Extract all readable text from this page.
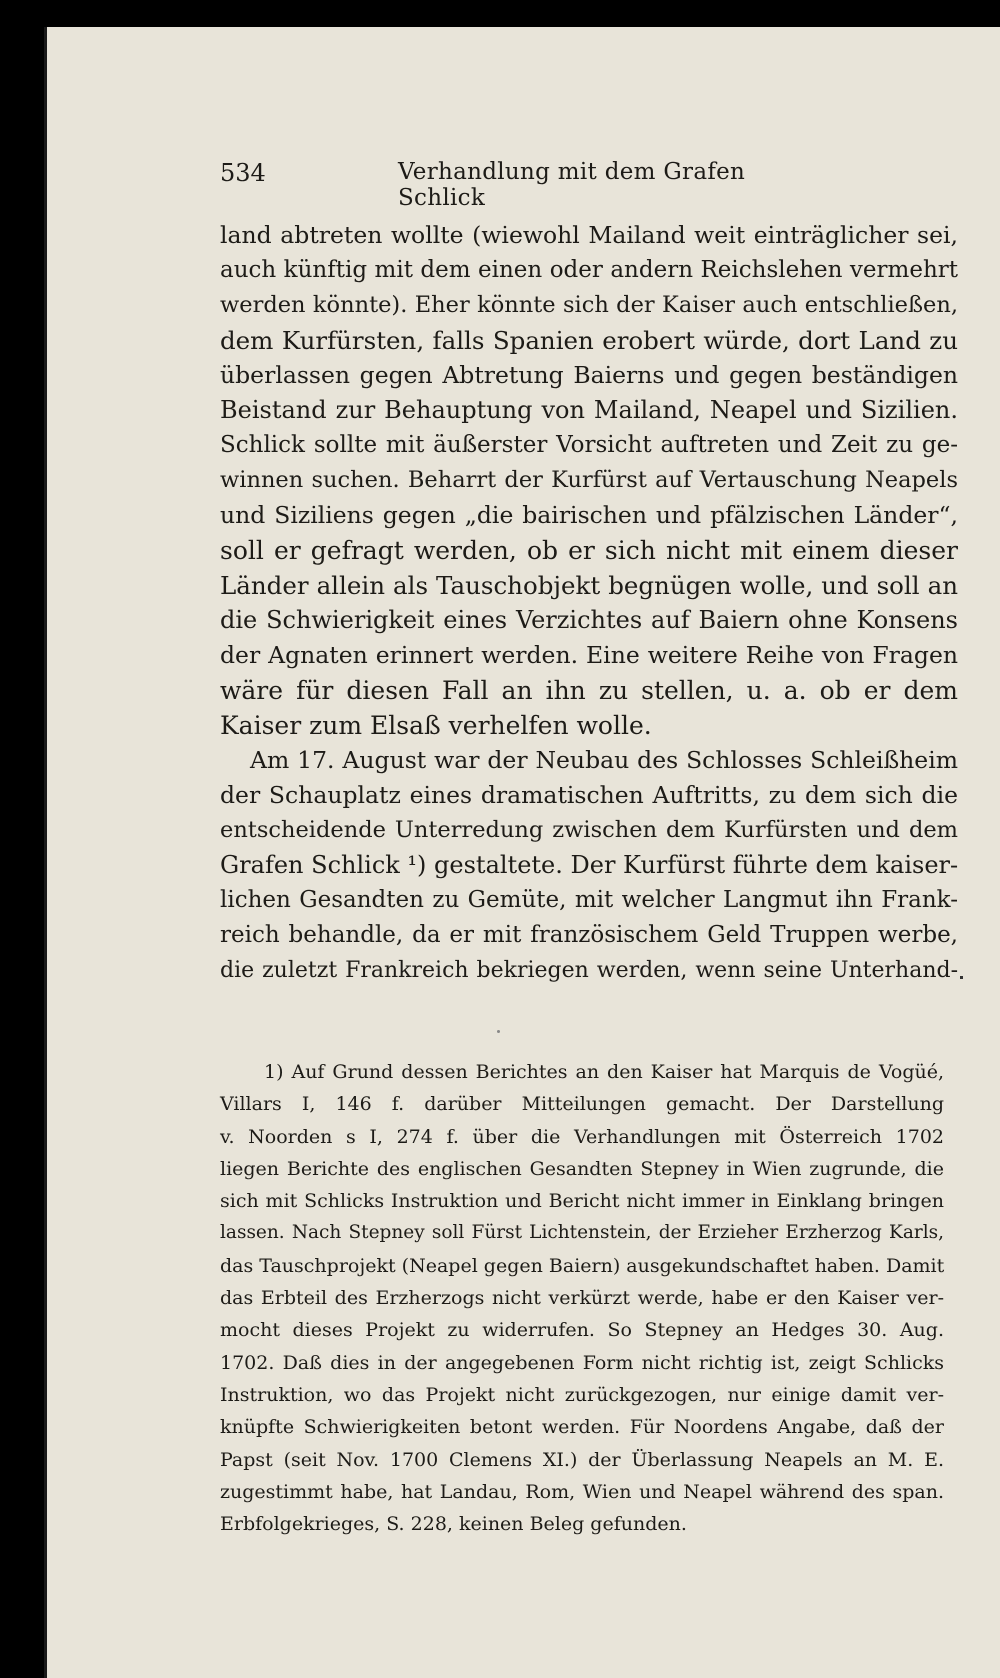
534	Verhandlung mit dem Grafen Schlick
land abtreten wollte (wiewohl Mailand weit einträglicher sei,
auch künftig mit dem einen oder andern Reichslehen vermehrt
werden könnte). Eher könnte sich der Kaiser auch entschließen,
dem Kurfürsten, falls Spanien erobert würde, dort Land zu
überlassen gegen Abtretung Baierns und gegen beständigen
Beistand zur Behauptung von Mailand, Neapel und Sizilien.
Schlick sollte mit äußerster Vorsicht auftreten und Zeit zu ge-
winnen suchen. Beharrt der Kurfürst auf Vertauschung Neapels
und Siziliens gegen „die bairischen und pfälzischen Länder“,
soll er gefragt werden, ob er sich nicht mit einem dieser
Länder allein als Tauschobjekt begnügen wolle, und soll an
die Schwierigkeit eines Verzichtes auf Baiern ohne Konsens
der Agnaten erinnert werden. Eine weitere Reihe von Fragen
wäre für diesen Fall an ihn zu stellen, u. a. ob er dem
Kaiser zum Elsaß verhelfen wolle.
Am 17. August war der Neubau des Schlosses Schleißheim
der Schauplatz eines dramatischen Auftritts, zu dem sich die
entscheidende Unterredung zwischen dem Kurfürsten und dem
Grafen Schlick ¹) gestaltete. Der Kurfürst führte dem kaiser-
lichen Gesandten zu Gemüte, mit welcher Langmut ihn Frank-
reich behandle, da er mit französischem Geld Truppen werbe,
die zuletzt Frankreich bekriegen werden, wenn seine Unterhand-
1) Auf Grund dessen Berichtes an den Kaiser hat Marquis de Vogüé,
Villars I, 146 f. darüber Mitteilungen gemacht. Der Darstellung
v. Noorden s I, 274 f. über die Verhandlungen mit Österreich 1702
liegen Berichte des englischen Gesandten Stepney in Wien zugrunde, die
sich mit Schlicks Instruktion und Bericht nicht immer in Einklang bringen
lassen. Nach Stepney soll Fürst Lichtenstein, der Erzieher Erzherzog Karls,
das Tauschprojekt (Neapel gegen Baiern) ausgekundschaftet haben. Damit
das Erbteil des Erzherzogs nicht verkürzt werde, habe er den Kaiser ver-
mocht dieses Projekt zu widerrufen. So Stepney an Hedges 30. Aug.
1702. Daß dies in der angegebenen Form nicht richtig ist, zeigt Schlicks
Instruktion, wo das Projekt nicht zurückgezogen, nur einige damit ver-
knüpfte Schwierigkeiten betont werden. Für Noordens Angabe, daß der
Papst (seit Nov. 1700 Clemens XI.) der Überlassung Neapels an M. E.
zugestimmt habe, hat Landau, Rom, Wien und Neapel während des span.
Erbfolgekrieges, S. 228, keinen Beleg gefunden.
